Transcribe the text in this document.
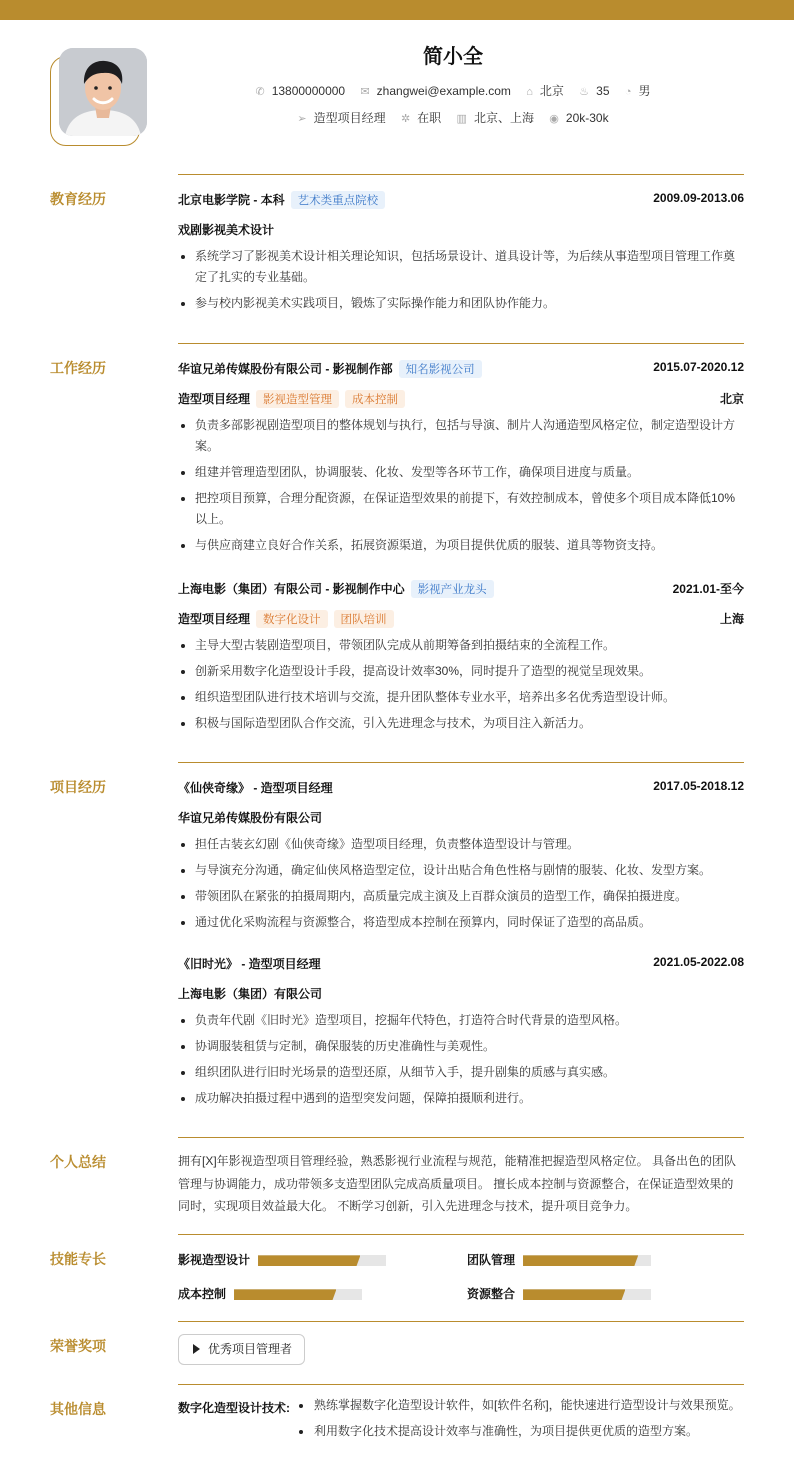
简小全
✆ 13800000000 ✉ zhangwei@example.com ⌂ 北京 ♨ 35 ◔ 男
➢ 造型项目经理 ✲ 在职 ▥ 北京、上海 ◉ 20k-30k
教育经历	北京电影学院 - 本科 艺术类重点院校	2009.09-2013.06
戏剧影视美术设计
系统学习了影视美术设计相关理论知识，包括场景设计、道具设计等，为后续从事造型项目管理工作奠定了扎实的专业基础。
参与校内影视美术实践项目，锻炼了实际操作能力和团队协作能力。
工作经历	华谊兄弟传媒股份有限公司 - 影视制作部 知名影视公司	2015.07-2020.12
造型项目经理 影视造型管理 成本控制	北京
负责多部影视剧造型项目的整体规划与执行，包括与导演、制片人沟通造型风格定位，制定造型设计方案。
组建并管理造型团队，协调服装、化妆、发型等各环节工作，确保项目进度与质量。
把控项目预算，合理分配资源，在保证造型效果的前提下，有效控制成本，曾使多个项目成本降低10%以上。
与供应商建立良好合作关系，拓展资源渠道，为项目提供优质的服装、道具等物资支持。
上海电影（集团）有限公司 - 影视制作中心 影视产业龙头	2021.01-至今
造型项目经理 数字化设计 团队培训	上海
主导大型古装剧造型项目，带领团队完成从前期筹备到拍摄结束的全流程工作。
创新采用数字化造型设计手段，提高设计效率30%，同时提升了造型的视觉呈现效果。
组织造型团队进行技术培训与交流，提升团队整体专业水平，培养出多名优秀造型设计师。
积极与国际造型团队合作交流，引入先进理念与技术，为项目注入新活力。
项目经历	《仙侠奇缘》 - 造型项目经理	2017.05-2018.12
华谊兄弟传媒股份有限公司
担任古装玄幻剧《仙侠奇缘》造型项目经理，负责整体造型设计与管理。
与导演充分沟通，确定仙侠风格造型定位，设计出贴合角色性格与剧情的服装、化妆、发型方案。
带领团队在紧张的拍摄周期内，高质量完成主演及上百群众演员的造型工作，确保拍摄进度。
通过优化采购流程与资源整合，将造型成本控制在预算内，同时保证了造型的高品质。
《旧时光》 - 造型项目经理	2021.05-2022.08
上海电影（集团）有限公司
负责年代剧《旧时光》造型项目，挖掘年代特色，打造符合时代背景的造型风格。
协调服装租赁与定制，确保服装的历史准确性与美观性。
组织团队进行旧时光场景的造型还原，从细节入手，提升剧集的质感与真实感。
成功解决拍摄过程中遇到的造型突发问题，保障拍摄顺利进行。
个人总结	拥有[X]年影视造型项目管理经验，熟悉影视行业流程与规范，能精准把握造型风格定位。 具备出色的团队管理与协调能力，成功带领多支造型团队完成高质量项目。 擅长成本控制与资源整合，在保证造型效果的同时，实现项目效益最大化。 不断学习创新，引入先进理念与技术，提升项目竞争力。
技能专长	影视造型设计	团队管理
成本控制	资源整合
荣誉奖项	优秀项目管理者
其他信息	数字化造型设计技术:	熟练掌握数字化造型设计软件，如[软件名称]，能快速进行造型设计与效果预览。
利用数字化技术提高设计效率与准确性，为项目提供更优质的造型方案。
